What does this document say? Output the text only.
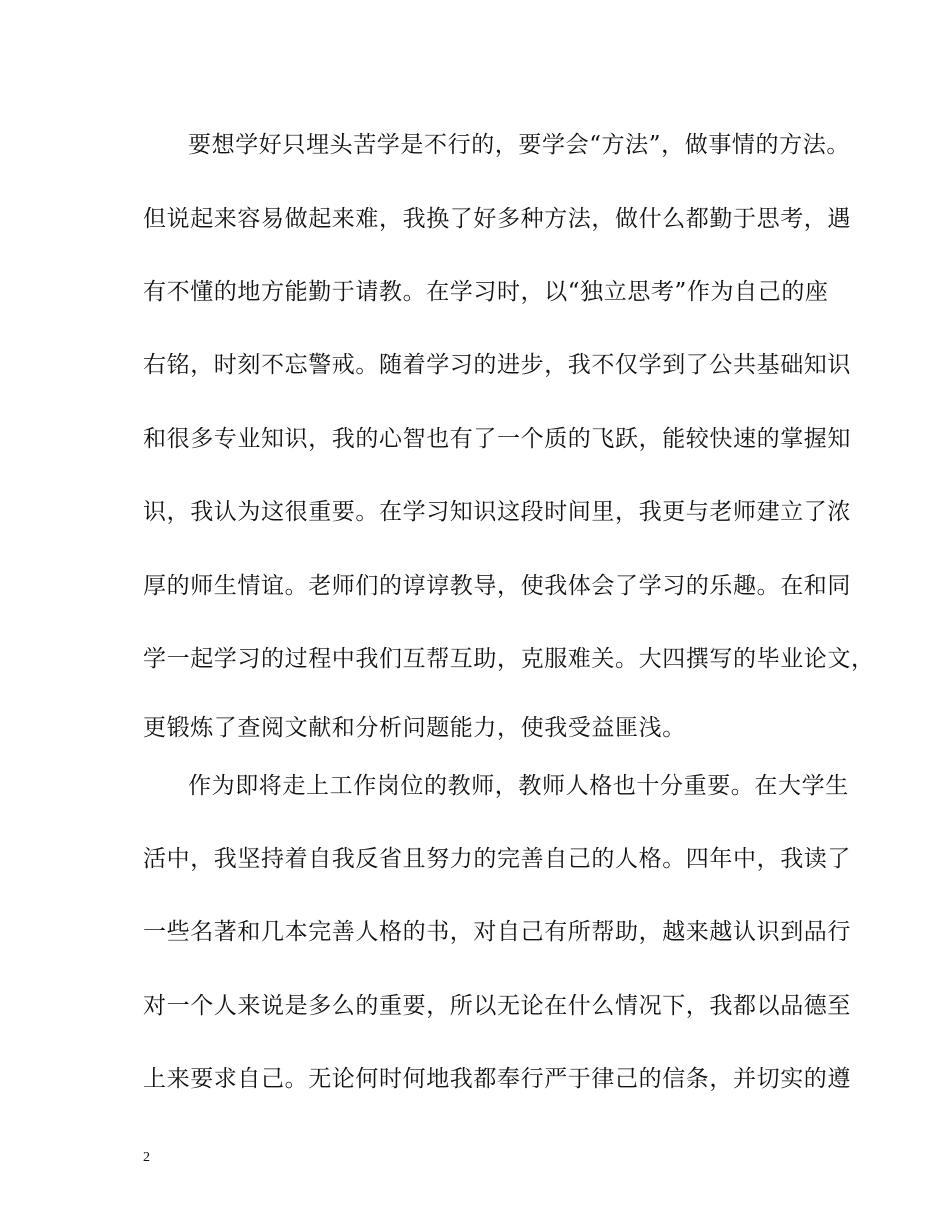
要想学好只埋头苦学是不行的，要学会“方法”，做事情的方法。
但说起来容易做起来难，我换了好多种方法，做什么都勤于思考，遇
有不懂的地方能勤于请教。在学习时，以“独立思考”作为自己的座
右铭，时刻不忘警戒。随着学习的进步，我不仅学到了公共基础知识
和很多专业知识，我的心智也有了一个质的飞跃，能较快速的掌握知
识，我认为这很重要。在学习知识这段时间里，我更与老师建立了浓
厚的师生情谊。老师们的谆谆教导，使我体会了学习的乐趣。在和同
学一起学习的过程中我们互帮互助，克服难关。大四撰写的毕业论文，
更锻炼了查阅文献和分析问题能力，使我受益匪浅。
作为即将走上工作岗位的教师，教师人格也十分重要。在大学生
活中，我坚持着自我反省且努力的完善自己的人格。四年中，我读了
一些名著和几本完善人格的书，对自己有所帮助，越来越认识到品行
对一个人来说是多么的重要，所以无论在什么情况下，我都以品德至
上来要求自己。无论何时何地我都奉行严于律己的信条，并切实的遵
2
